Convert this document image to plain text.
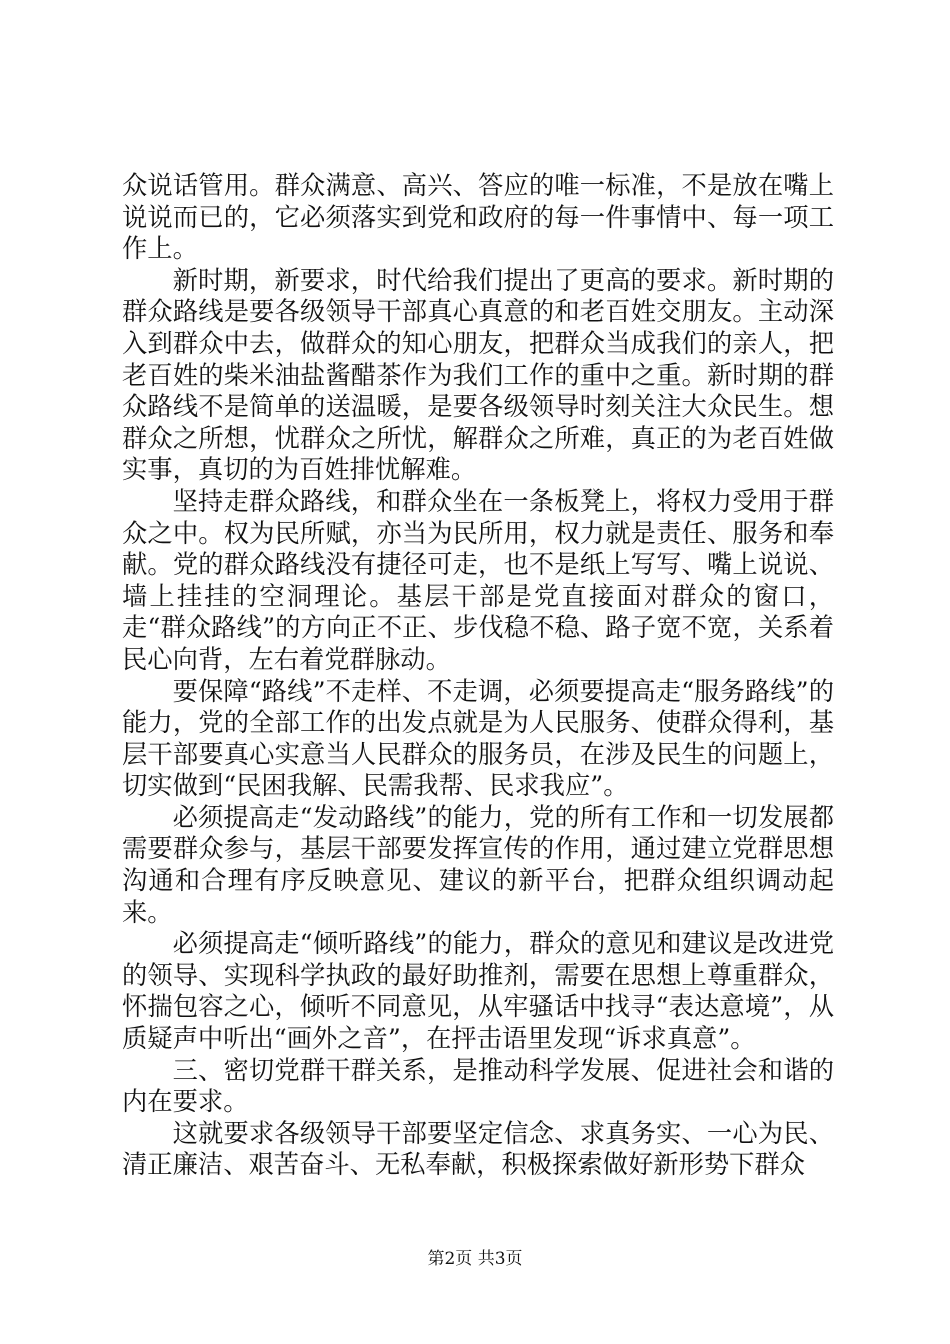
众说话管用。群众满意、高兴、答应的唯一标准，不是放在嘴上说说而已的，它必须落实到党和政府的每一件事情中、每一项工作上。

新时期，新要求，时代给我们提出了更高的要求。新时期的群众路线是要各级领导干部真心真意的和老百姓交朋友。主动深入到群众中去，做群众的知心朋友，把群众当成我们的亲人，把老百姓的柴米油盐酱醋茶作为我们工作的重中之重。新时期的群众路线不是简单的送温暖，是要各级领导时刻关注大众民生。想群众之所想，忧群众之所忧，解群众之所难，真正的为老百姓做实事，真切的为百姓排忧解难。

坚持走群众路线，和群众坐在一条板凳上，将权力受用于群众之中。权为民所赋，亦当为民所用，权力就是责任、服务和奉献。党的群众路线没有捷径可走，也不是纸上写写、嘴上说说、墙上挂挂的空洞理论。基层干部是党直接面对群众的窗口，走“群众路线”的方向正不正、步伐稳不稳、路子宽不宽，关系着民心向背，左右着党群脉动。

要保障“路线”不走样、不走调，必须要提高走“服务路线”的能力，党的全部工作的出发点就是为人民服务、使群众得利，基层干部要真心实意当人民群众的服务员，在涉及民生的问题上，切实做到“民困我解、民需我帮、民求我应”。

必须提高走“发动路线”的能力，党的所有工作和一切发展都需要群众参与，基层干部要发挥宣传的作用，通过建立党群思想沟通和合理有序反映意见、建议的新平台，把群众组织调动起来。

必须提高走“倾听路线”的能力，群众的意见和建议是改进党的领导、实现科学执政的最好助推剂，需要在思想上尊重群众，怀揣包容之心，倾听不同意见，从牢骚话中找寻“表达意境”，从质疑声中听出“画外之音”，在抨击语里发现“诉求真意”。

三、密切党群干群关系，是推动科学发展、促进社会和谐的内在要求。

这就要求各级领导干部要坚定信念、求真务实、一心为民、清正廉洁、艰苦奋斗、无私奉献，积极探索做好新形势下群众

第2页 共3页
